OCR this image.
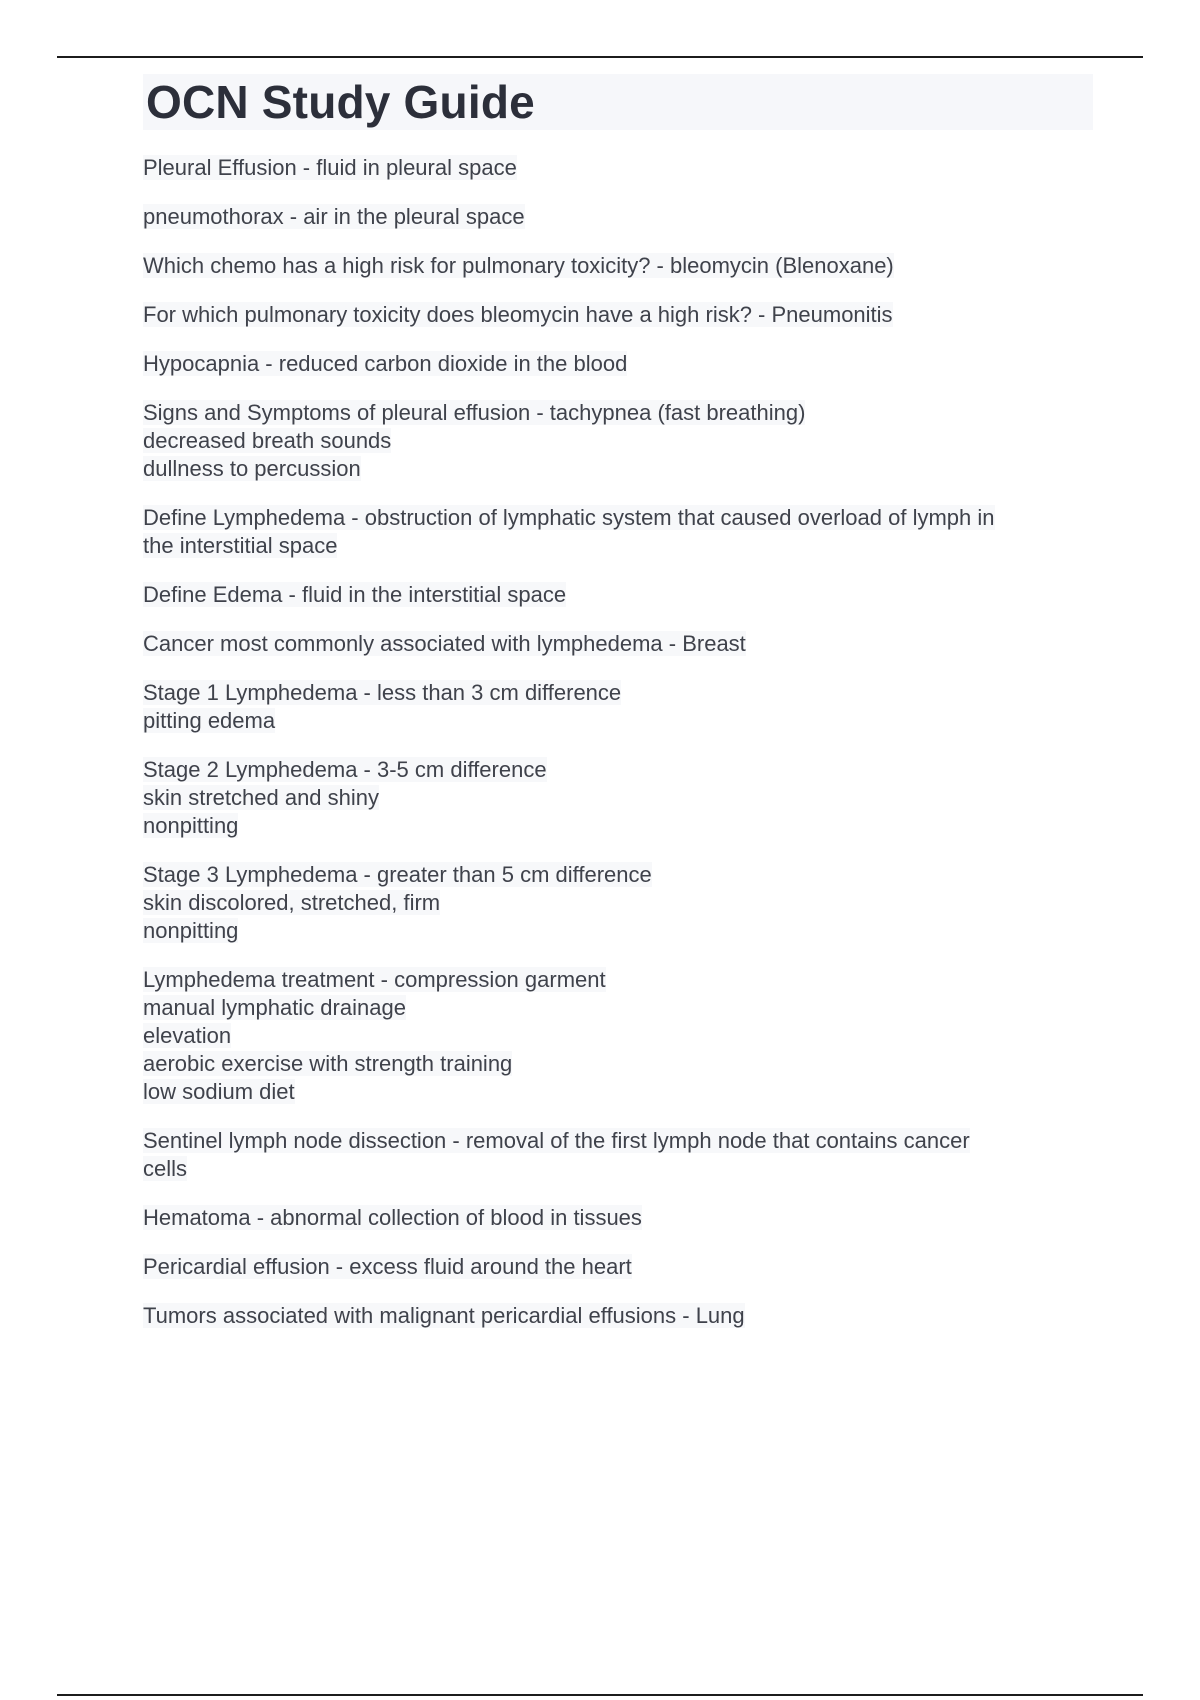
OCN Study Guide
Pleural Effusion - fluid in pleural space
pneumothorax - air in the pleural space
Which chemo has a high risk for pulmonary toxicity? - bleomycin (Blenoxane)
For which pulmonary toxicity does bleomycin have a high risk? - Pneumonitis
Hypocapnia - reduced carbon dioxide in the blood
Signs and Symptoms of pleural effusion - tachypnea (fast breathing)
decreased breath sounds
dullness to percussion
Define Lymphedema - obstruction of lymphatic system that caused overload of lymph in
the interstitial space
Define Edema - fluid in the interstitial space
Cancer most commonly associated with lymphedema - Breast
Stage 1 Lymphedema - less than 3 cm difference
pitting edema
Stage 2 Lymphedema - 3-5 cm difference
skin stretched and shiny
nonpitting
Stage 3 Lymphedema - greater than 5 cm difference
skin discolored, stretched, firm
nonpitting
Lymphedema treatment - compression garment
manual lymphatic drainage
elevation
aerobic exercise with strength training
low sodium diet
Sentinel lymph node dissection - removal of the first lymph node that contains cancer
cells
Hematoma - abnormal collection of blood in tissues
Pericardial effusion - excess fluid around the heart
Tumors associated with malignant pericardial effusions - Lung
